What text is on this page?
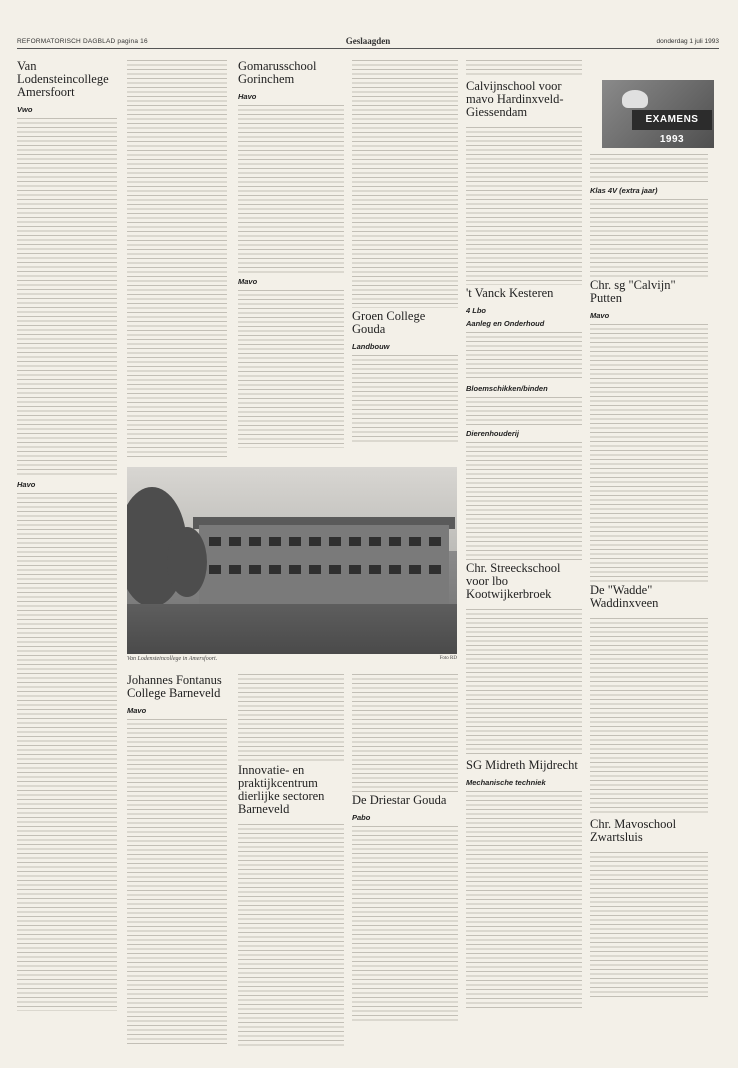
REFORMATORISCH DAGBLAD pagina 16	Geslaagden	donderdag 1 juli 1993
Van Lodensteincollege Amersfoort
Vwo
Havo
Gomarusschool Gorinchem
Havo
Mavo
Groen College Gouda
Landbouw
Van Lodensteincollege in Amersfoort.	Foto RD
Johannes Fontanus College Barneveld
Mavo
Innovatie- en praktijkcentrum dierlijke sectoren Barneveld
De Driestar Gouda
Pabo
Calvijnschool voor mavo Hardinxveld-Giessendam
't Vanck Kesteren
4 Lbo
Aanleg en Onderhoud
Bloemschikken/binden
Dierenhouderij
Chr. Streeckschool voor lbo Kootwijkerbroek
SG Midreth Mijdrecht
Mechanische techniek
EXAMENS 1993
Klas 4V (extra jaar)
Chr. sg "Calvijn" Putten
Mavo
De "Wadde" Waddinxveen
Chr. Mavoschool Zwartsluis
